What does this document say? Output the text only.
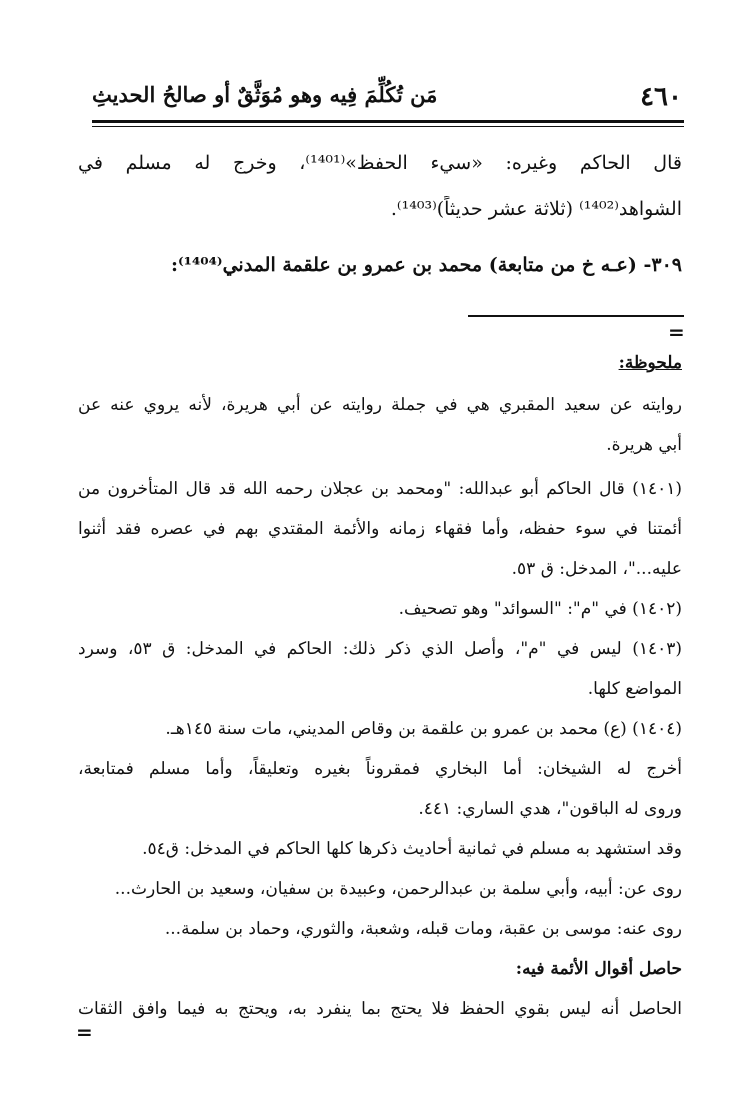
٤٦٠
مَن تُكُلِّمَ فِيه وهو مُوَثَّقٌ أو صالحُ الحديثِ
قال الحاكم وغيره: «سيء الحفظ»⁽¹⁴⁰¹⁾، وخرج له مسلم في
الشواهد⁽¹⁴⁰²⁾ (ثلاثة عشر حديثاً)⁽¹⁴⁰³⁾.
٣٠٩- (عـه خ من متابعة) محمد بن عمرو بن علقمة المدني⁽¹⁴⁰⁴⁾:
=
ملحوظة:
روايته عن سعيد المقبري هي في جملة روايته عن أبي هريرة، لأنه يروي عنه عن
أبي هريرة.
(١٤٠١) قال الحاكم أبو عبدالله: "ومحمد بن عجلان رحمه الله قد قال المتأخرون من
أئمتنا في سوء حفظه، وأما فقهاء زمانه والأئمة المقتدي بهم في عصره فقد أثنوا
عليه..."، المدخل: ق ٥٣.
(١٤٠٢) في "م": "السوائد" وهو تصحيف.
(١٤٠٣) ليس في "م"، وأصل الذي ذكر ذلك: الحاكم في المدخل: ق ٥٣، وسرد
المواضع كلها.
(١٤٠٤) (ع) محمد بن عمرو بن علقمة بن وقاص المديني، مات سنة ١٤٥هـ.
أخرج له الشيخان: أما البخاري فمقروناً بغيره وتعليقاً، وأما مسلم فمتابعة،
وروى له الباقون"، هدي الساري: ٤٤١.
وقد استشهد به مسلم في ثمانية أحاديث ذكرها كلها الحاكم في المدخل: ق٥٤.
روى عن: أبيه، وأبي سلمة بن عبدالرحمن، وعبيدة بن سفيان، وسعيد بن الحارث...
روى عنه: موسى بن عقبة، ومات قبله، وشعبة، والثوري، وحماد بن سلمة...
حاصل أقوال الأئمة فيه:
الحاصل أنه ليس بقوي الحفظ فلا يحتج بما ينفرد به، ويحتج به فيما وافق الثقات
=
